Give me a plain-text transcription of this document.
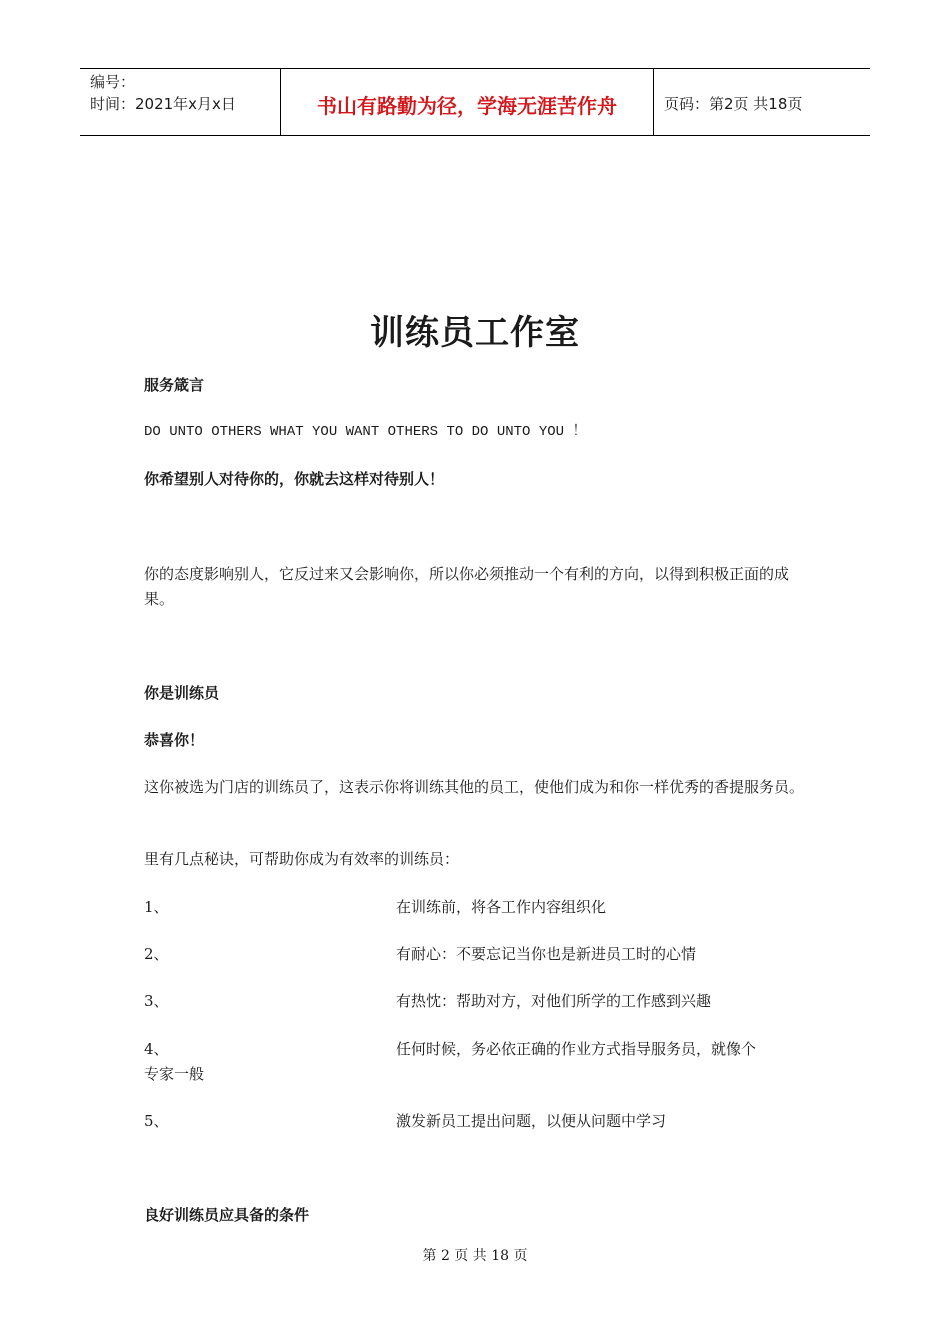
编号：
时间：2021年x月x日	书山有路勤为径，学海无涯苦作舟	页码：第2页 共18页
训练员工作室
服务箴言
DO UNTO OTHERS WHAT YOU WANT OTHERS TO DO UNTO YOU ！
你希望别人对待你的，你就去这样对待别人！
你的态度影响别人，它反过来又会影响你，所以你必须推动一个有利的方向，以得到积极正面的成果。
你是训练员
恭喜你！
这你被选为门店的训练员了，这表示你将训练其他的员工，使他们成为和你一样优秀的香提服务员。
里有几点秘诀，可帮助你成为有效率的训练员：
1、	在训练前，将各工作内容组织化
2、	有耐心：不要忘记当你也是新进员工时的心情
3、	有热忱：帮助对方，对他们所学的工作感到兴趣
4、	任何时候，务必依正确的作业方式指导服务员，就像个
专家一般
5、	激发新员工提出问题，以便从问题中学习
良好训练员应具备的条件
第 2 页 共 18 页
